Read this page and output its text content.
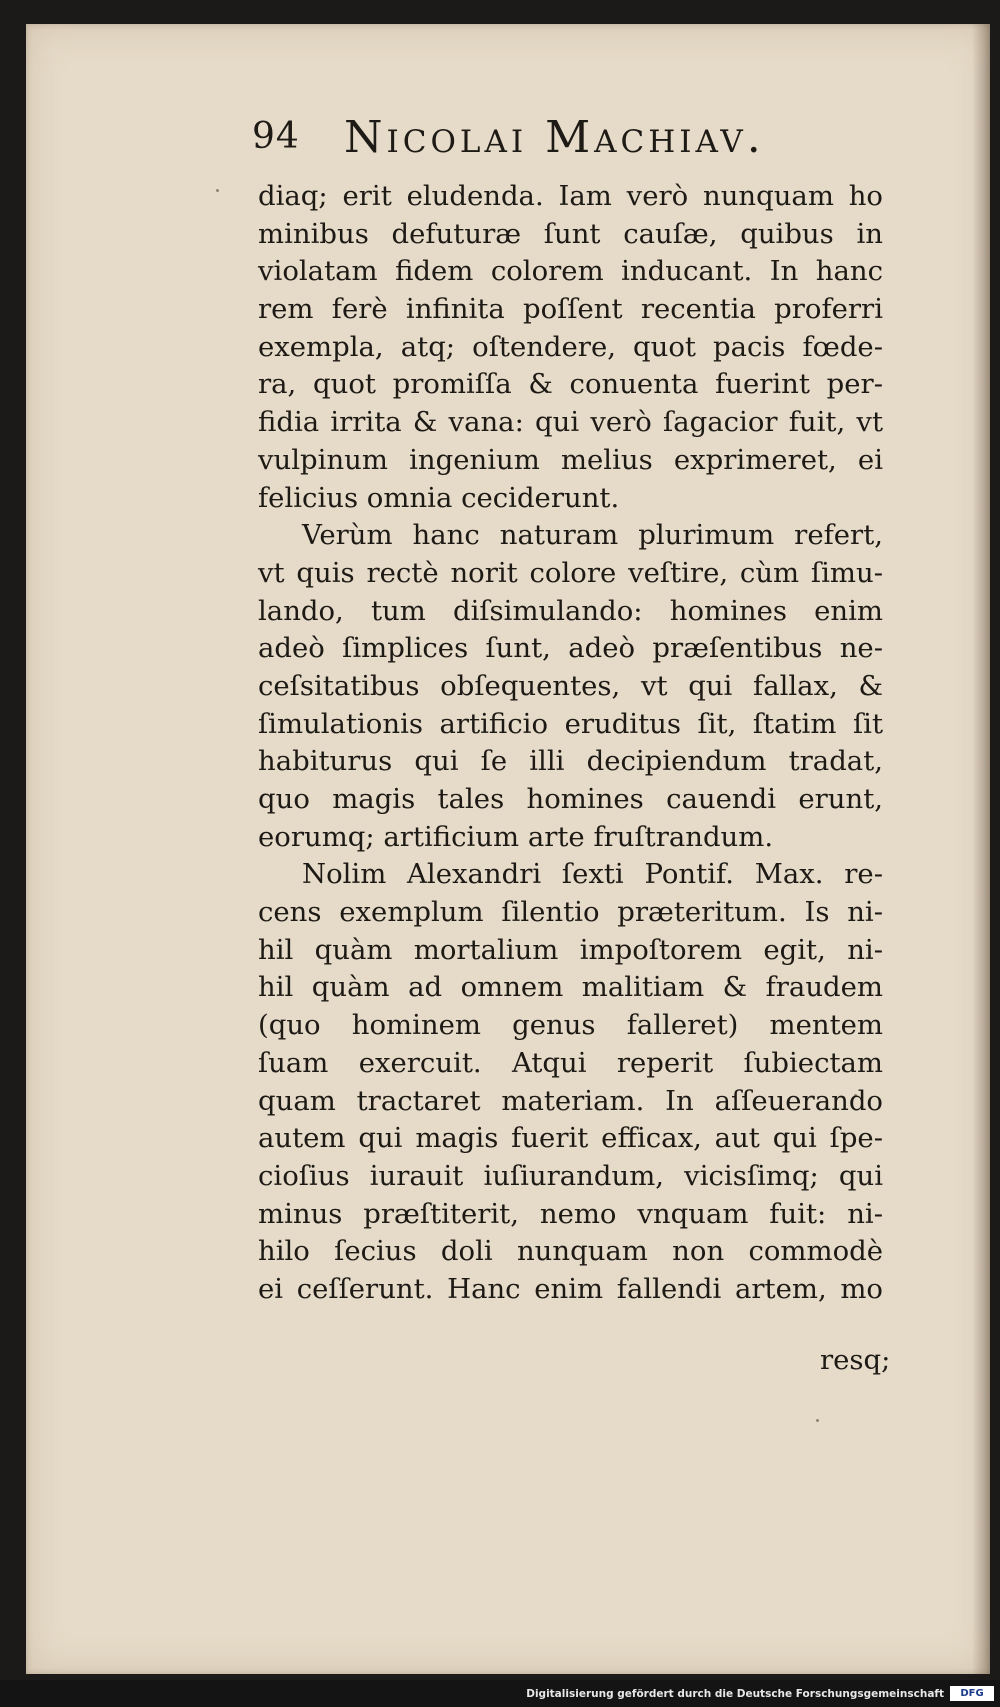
94 Nicolai Machiav.
diaq; erit eludenda. Iam verò nunquam ho
minibus defuturæ ſunt cauſæ, quibus in
violatam fidem colorem inducant. In hanc
rem ferè infinita poſſent recentia proferri
exempla, atq; oſtendere, quot pacis fœde-
ra, quot promiſſa & conuenta fuerint per-
fidia irrita & vana: qui verò ſagacior fuit, vt
vulpinum ingenium melius exprimeret, ei
felicius omnia ceciderunt.
Verùm hanc naturam plurimum refert,
vt quis rectè norit colore veſtire, cùm ſimu-
lando, tum diſsimulando: homines enim
adeò ſimplices ſunt, adeò præſentibus ne-
ceſsitatibus obſequentes, vt qui fallax, &
ſimulationis artificio eruditus ſit, ſtatim ſit
habiturus qui ſe illi decipiendum tradat,
quo magis tales homines cauendi erunt,
eorumq; artificium arte fruſtrandum.
Nolim Alexandri ſexti Pontif. Max. re-
cens exemplum ſilentio præteritum. Is ni-
hil quàm mortalium impoſtorem egit, ni-
hil quàm ad omnem malitiam & fraudem
(quo hominem genus falleret) mentem
ſuam exercuit. Atqui reperit ſubiectam
quam tractaret materiam. In aſſeuerando
autem qui magis fuerit efficax, aut qui ſpe-
cioſius iurauit iuſiurandum, vicisſimq; qui
minus præſtiterit, nemo vnquam fuit: ni-
hilo ſecius doli nunquam non commodè
ei ceſſerunt. Hanc enim fallendi artem, mo
resq;
Digitalisierung gefördert durch die Deutsche Forschungsgemeinschaft	DFG
